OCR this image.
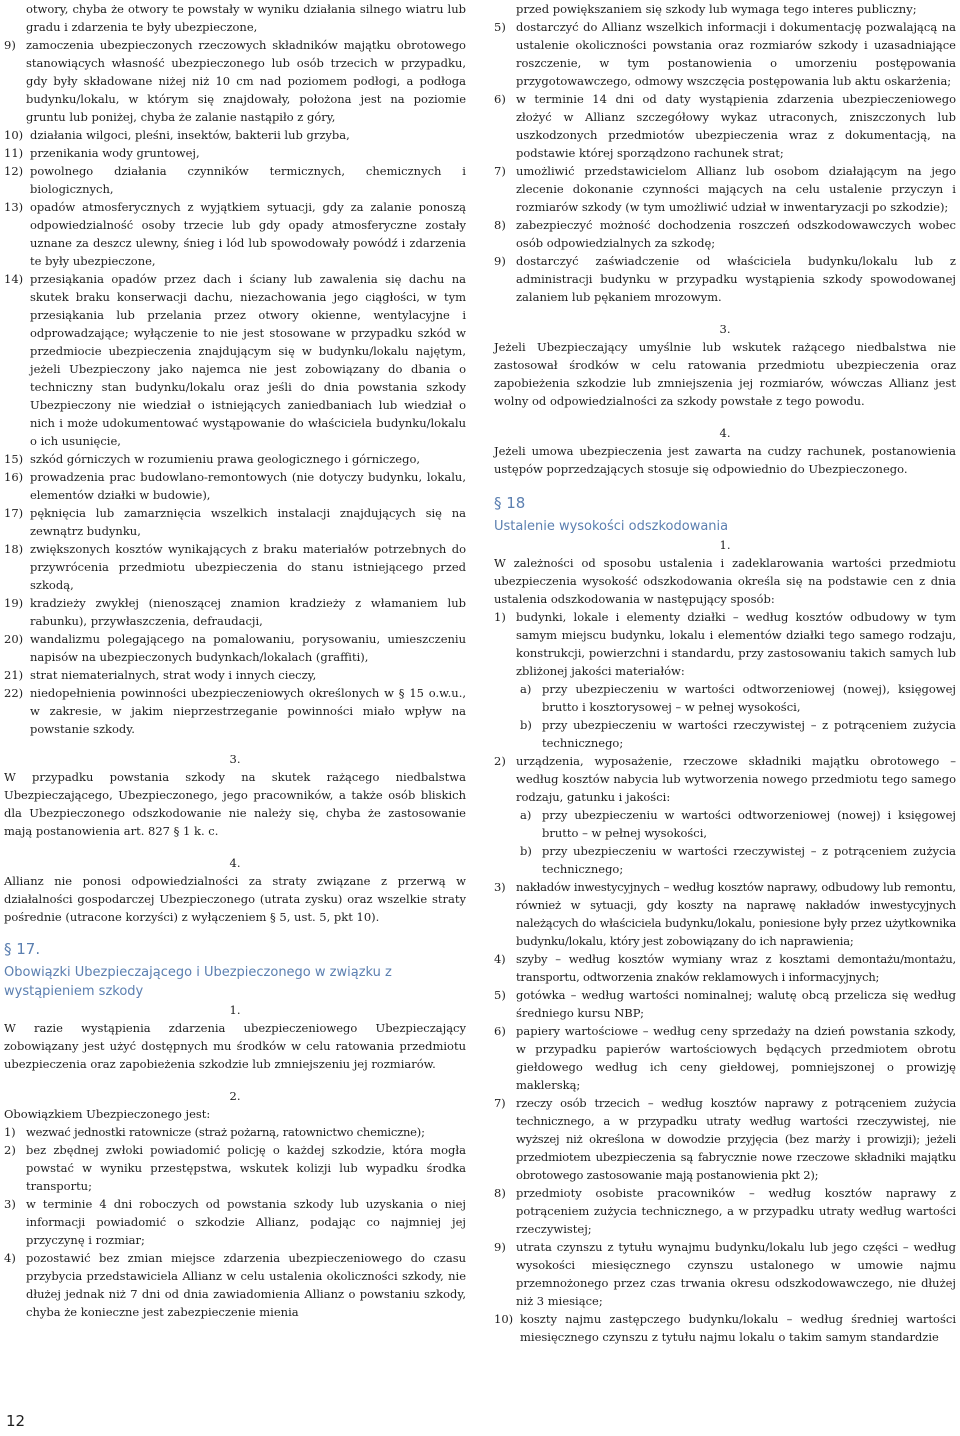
otwory, chyba że otwory te powstały w wyniku działania silnego wiatru lub gradu i zdarzenia te były ubezpieczone,
9) zamoczenia ubezpieczonych rzeczowych składników majątku obrotowego stanowiących własność ubezpieczonego lub osób trzecich w przypadku, gdy były składowane niżej niż 10 cm nad poziomem podłogi, a podłoga budynku/lokalu, w którym się znajdowały, położona jest na poziomie gruntu lub poniżej, chyba że zalanie nastąpiło z góry,
10) działania wilgoci, pleśni, insektów, bakterii lub grzyba,
11) przenikania wody gruntowej,
12) powolnego działania czynników termicznych, chemicznych i biologicznych,
13) opadów atmosferycznych z wyjątkiem sytuacji, gdy za zalanie ponoszą odpowiedzialność osoby trzecie lub gdy opady atmosferyczne zostały uznane za deszcz ulewny, śnieg i lód lub spowodowały powódź i zdarzenia te były ubezpieczone,
14) przesiąkania opadów przez dach i ściany lub zawalenia się dachu na skutek braku konserwacji dachu, niezachowania jego ciągłości, w tym przesiąkania lub przelania przez otwory okienne, wentylacyjne i odprowadzające; wyłączenie to nie jest stosowane w przypadku szkód w przedmiocie ubezpieczenia znajdującym się w budynku/lokalu najętym, jeżeli Ubezpieczony jako najemca nie jest zobowiązany do dbania o techniczny stan budynku/lokalu oraz jeśli do dnia powstania szkody Ubezpieczony nie wiedział o istniejących zaniedbaniach lub wiedział o nich i może udokumentować wystąpowanie do właściciela budynku/lokalu o ich usunięcie,
15) szkód górniczych w rozumieniu prawa geologicznego i górniczego,
16) prowadzenia prac budowlano-remontowych (nie dotyczy budynku, lokalu, elementów działki w budowie),
17) pęknięcia lub zamarznięcia wszelkich instalacji znajdujących się na zewnątrz budynku,
18) zwiększonych kosztów wynikających z braku materiałów potrzebnych do przywrócenia przedmiotu ubezpieczenia do stanu istniejącego przed szkodą,
19) kradzieży zwykłej (nienoszącej znamion kradzieży z włamaniem lub rabunku), przywłaszczenia, defraudacji,
20) wandalizmu polegającego na pomalowaniu, porysowaniu, umieszczeniu napisów na ubezpieczonych budynkach/lokalach (graffiti),
21) strat niematerialnych, strat wody i innych cieczy,
22) niedopełnienia powinności ubezpieczeniowych określonych w § 15 o.w.u., w zakresie, w jakim nieprzestrzeganie powinności miało wpływ na powstanie szkody.
3.

W przypadku powstania szkody na skutek rażącego niedbalstwa Ubezpieczającego, Ubezpieczonego, jego pracowników, a także osób bliskich dla Ubezpieczonego odszkodowanie nie należy się, chyba że zastosowanie mają postanowienia art. 827 § 1 k. c.

4.

Allianz nie ponosi odpowiedzialności za straty związane z przerwą w działalności gospodarczej Ubezpieczonego (utrata zysku) oraz wszelkie straty pośrednie (utracone korzyści) z wyłączeniem § 5, ust. 5, pkt 10).

§ 17.
Obowiązki Ubezpieczającego i Ubezpieczonego w związku z wystąpieniem szkody
1.

W razie wystąpienia zdarzenia ubezpieczeniowego Ubezpieczający zobowiązany jest użyć dostępnych mu środków w celu ratowania przedmiotu ubezpieczenia oraz zapobieżenia szkodzie lub zmniejszeniu jej rozmiarów.

2.

Obowiązkiem Ubezpieczonego jest:

1) wezwać jednostki ratownicze (straż pożarną, ratownictwo chemiczne);
2) bez zbędnej zwłoki powiadomić policję o każdej szkodzie, która mogła powstać w wyniku przestępstwa, wskutek kolizji lub wypadku środka transportu;
3) w terminie 4 dni roboczych od powstania szkody lub uzyskania o niej informacji powiadomić o szkodzie Allianz, podając co najmniej jej przyczynę i rozmiar;
4) pozostawić bez zmian miejsce zdarzenia ubezpieczeniowego do czasu przybycia przedstawiciela Allianz w celu ustalenia okoliczności szkody, nie dłużej jednak niż 7 dni od dnia zawiadomienia Allianz o powstaniu szkody, chyba że konieczne jest zabezpieczenie mienia
przed powiększaniem się szkody lub wymaga tego interes publiczny;
5) dostarczyć do Allianz wszelkich informacji i dokumentację pozwalającą na ustalenie okoliczności powstania oraz rozmiarów szkody i uzasadniające roszczenie, w tym postanowienia o umorzeniu postępowania przygotowawczego, odmowy wszczęcia postępowania lub aktu oskarżenia;
6) w terminie 14 dni od daty wystąpienia zdarzenia ubezpieczeniowego złożyć w Allianz szczegółowy wykaz utraconych, zniszczonych lub uszkodzonych przedmiotów ubezpieczenia wraz z dokumentacją, na podstawie której sporządzono rachunek strat;
7) umożliwić przedstawicielom Allianz lub osobom działającym na jego zlecenie dokonanie czynności mających na celu ustalenie przyczyn i rozmiarów szkody (w tym umożliwić udział w inwentaryzacji po szkodzie);
8) zabezpieczyć możność dochodzenia roszczeń odszkodowawczych wobec osób odpowiedzialnych za szkodę;
9) dostarczyć zaświadczenie od właściciela budynku/lokalu lub z administracji budynku w przypadku wystąpienia szkody spowodowanej zalaniem lub pękaniem mrozowym.
3.

Jeżeli Ubezpieczający umyślnie lub wskutek rażącego niedbalstwa nie zastosował środków w celu ratowania przedmiotu ubezpieczenia oraz zapobieżenia szkodzie lub zmniejszenia jej rozmiarów, wówczas Allianz jest wolny od odpowiedzialności za szkody powstałe z tego powodu.

4.

Jeżeli umowa ubezpieczenia jest zawarta na cudzy rachunek, postanowienia ustępów poprzedzających stosuje się odpowiednio do Ubezpieczonego.

§ 18
Ustalenie wysokości odszkodowania
1.

W zależności od sposobu ustalenia i zadeklarowania wartości przedmiotu ubezpieczenia wysokość odszkodowania określa się na podstawie cen z dnia ustalenia odszkodowania w następujący sposób:

1) budynki, lokale i elementy działki – według kosztów odbudowy w tym samym miejscu budynku, lokalu i elementów działki tego samego rodzaju, konstrukcji, powierzchni i standardu, przy zastosowaniu takich samych lub zbliżonej jakości materiałów:
a) przy ubezpieczeniu w wartości odtworzeniowej (nowej), księgowej brutto i kosztorysowej – w pełnej wysokości,
b) przy ubezpieczeniu w wartości rzeczywistej – z potrąceniem zużycia technicznego;
2) urządzenia, wyposażenie, rzeczowe składniki majątku obrotowego – według kosztów nabycia lub wytworzenia nowego przedmiotu tego samego rodzaju, gatunku i jakości:
a) przy ubezpieczeniu w wartości odtworzeniowej (nowej) i księgowej brutto – w pełnej wysokości,
b) przy ubezpieczeniu w wartości rzeczywistej – z potrąceniem zużycia technicznego;
3) nakładów inwestycyjnych – według kosztów naprawy, odbudowy lub remontu, również w sytuacji, gdy koszty na naprawę nakładów inwestycyjnych należących do właściciela budynku/lokalu, poniesione były przez użytkownika budynku/lokalu, który jest zobowiązany do ich naprawienia;
4) szyby – według kosztów wymiany wraz z kosztami demontażu/montażu, transportu, odtworzenia znaków reklamowych i informacyjnych;
5) gotówka – według wartości nominalnej; walutę obcą przelicza się według średniego kursu NBP;
6) papiery wartościowe – według ceny sprzedaży na dzień powstania szkody, w przypadku papierów wartościowych będących przedmiotem obrotu giełdowego według ich ceny giełdowej, pomniejszonej o prowizję maklerską;
7) rzeczy osób trzecich – według kosztów naprawy z potrąceniem zużycia technicznego, a w przypadku utraty według wartości rzeczywistej, nie wyższej niż określona w dowodzie przyjęcia (bez marży i prowizji); jeżeli przedmiotem ubezpieczenia są fabrycznie nowe rzeczowe składniki majątku obrotowego zastosowanie mają postanowienia pkt 2);
8) przedmioty osobiste pracowników – według kosztów naprawy z potrąceniem zużycia technicznego, a w przypadku utraty według wartości rzeczywistej;
9) utrata czynszu z tytułu wynajmu budynku/lokalu lub jego części – według wysokości miesięcznego czynszu ustalonego w umowie najmu przemnożonego przez czas trwania okresu odszkodowawczego, nie dłużej niż 3 miesiące;
10) koszty najmu zastępczego budynku/lokalu – według średniej wartości miesięcznego czynszu z tytułu najmu lokalu o takim samym standardzie
12
